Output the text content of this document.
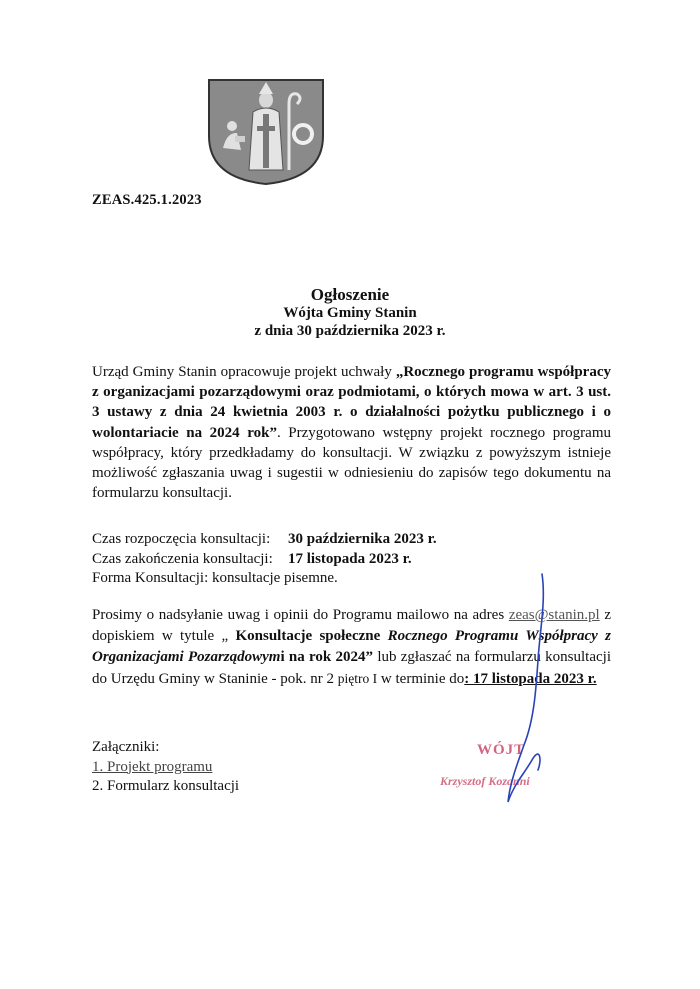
ZEAS.425.1.2023
Ogłoszenie
Wójta Gminy Stanin
z dnia 30 października 2023 r.
Urząd Gminy Stanin opracowuje projekt uchwały „Rocznego programu współpracy z organizacjami pozarządowymi oraz podmiotami, o których mowa w art. 3 ust. 3 ustawy z dnia 24 kwietnia 2003 r. o działalności pożytku publicznego i o wolontariacie na 2024 rok”. Przygotowano wstępny projekt rocznego programu współpracy, który przedkładamy do konsultacji. W związku z powyższym istnieje możliwość zgłaszania uwag i sugestii w odniesieniu do zapisów tego dokumentu na formularzu konsultacji.
Czas rozpoczęcia konsultacji: 30 października 2023 r.
Czas zakończenia konsultacji: 17 listopada 2023 r.
Forma Konsultacji: konsultacje pisemne.
Prosimy o nadsyłanie uwag i opinii do Programu mailowo na adres zeas@stanin.pl z dopiskiem w tytule „ Konsultacje społeczne Rocznego Programu Współpracy z Organizacjami Pozarządowymi na rok 2024” lub zgłaszać na formularzu konsultacji do Urzędu Gminy w Staninie - pok. nr 2 piętro I w terminie do: 17 listopada 2023 r.
Załączniki:
1. Projekt programu
2. Formularz konsultacji
WÓJT
Krzysztof Kozanni
